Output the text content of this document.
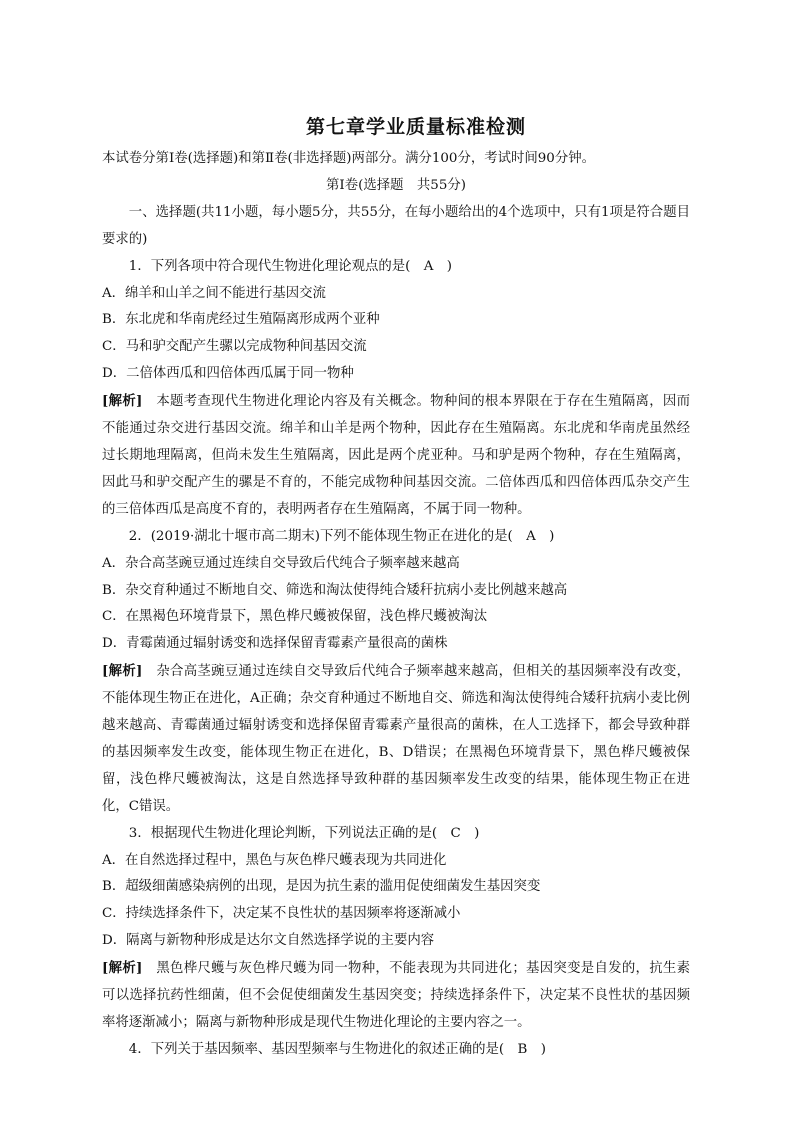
第七章学业质量标准检测

本试卷分第Ⅰ卷(选择题)和第Ⅱ卷(非选择题)两部分。满分100分，考试时间90分钟。

第Ⅰ卷(选择题　共55分)

一、选择题(共11小题，每小题5分，共55分，在每小题给出的4个选项中，只有1项是符合题目要求的)

1．下列各项中符合现代生物进化理论观点的是(　A　)

A．绵羊和山羊之间不能进行基因交流

B．东北虎和华南虎经过生殖隔离形成两个亚种

C．马和驴交配产生骡以完成物种间基因交流

D．二倍体西瓜和四倍体西瓜属于同一物种

[解析]　本题考查现代生物进化理论内容及有关概念。物种间的根本界限在于存在生殖隔离，因而不能通过杂交进行基因交流。绵羊和山羊是两个物种，因此存在生殖隔离。东北虎和华南虎虽然经过长期地理隔离，但尚未发生生殖隔离，因此是两个虎亚种。马和驴是两个物种，存在生殖隔离，因此马和驴交配产生的骡是不育的，不能完成物种间基因交流。二倍体西瓜和四倍体西瓜杂交产生的三倍体西瓜是高度不育的，表明两者存在生殖隔离，不属于同一物种。

2．(2019·湖北十堰市高二期末)下列不能体现生物正在进化的是(　A　)

A．杂合高茎豌豆通过连续自交导致后代纯合子频率越来越高

B．杂交育种通过不断地自交、筛选和淘汰使得纯合矮秆抗病小麦比例越来越高

C．在黑褐色环境背景下，黑色桦尺蠖被保留，浅色桦尺蠖被淘汰

D．青霉菌通过辐射诱变和选择保留青霉素产量很高的菌株

[解析]　杂合高茎豌豆通过连续自交导致后代纯合子频率越来越高，但相关的基因频率没有改变，不能体现生物正在进化，A正确；杂交育种通过不断地自交、筛选和淘汰使得纯合矮秆抗病小麦比例越来越高、青霉菌通过辐射诱变和选择保留青霉素产量很高的菌株，在人工选择下，都会导致种群的基因频率发生改变，能体现生物正在进化，B、D错误；在黑褐色环境背景下，黑色桦尺蠖被保留，浅色桦尺蠖被淘汰，这是自然选择导致种群的基因频率发生改变的结果，能体现生物正在进化，C错误。

3．根据现代生物进化理论判断，下列说法正确的是(　C　)

A．在自然选择过程中，黑色与灰色桦尺蠖表现为共同进化

B．超级细菌感染病例的出现，是因为抗生素的滥用促使细菌发生基因突变

C．持续选择条件下，决定某不良性状的基因频率将逐渐减小

D．隔离与新物种形成是达尔文自然选择学说的主要内容

[解析]　黑色桦尺蠖与灰色桦尺蠖为同一物种，不能表现为共同进化；基因突变是自发的，抗生素可以选择抗药性细菌，但不会促使细菌发生基因突变；持续选择条件下，决定某不良性状的基因频率将逐渐减小；隔离与新物种形成是现代生物进化理论的主要内容之一。

4．下列关于基因频率、基因型频率与生物进化的叙述正确的是(　B　)
